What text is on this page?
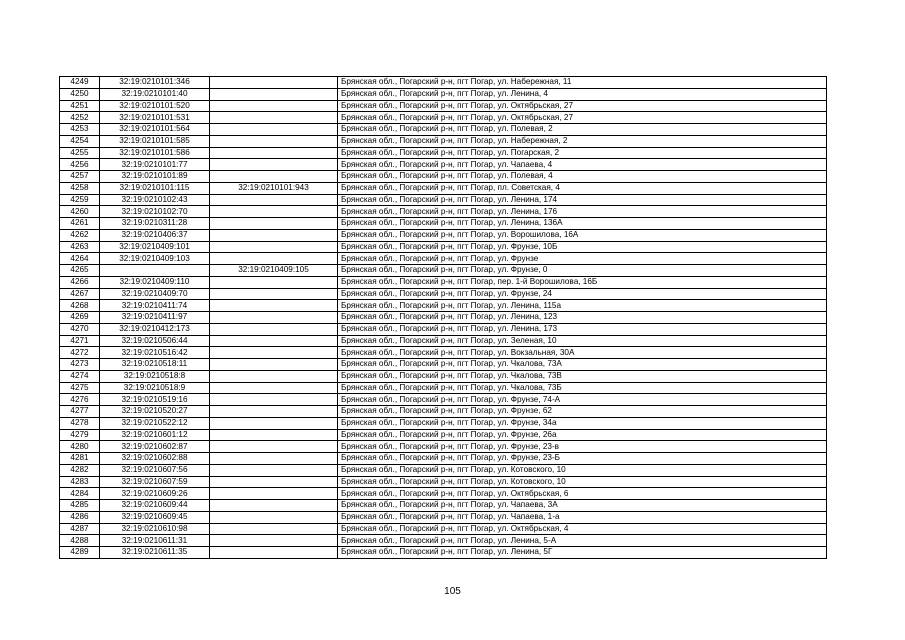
4249	32:19:0210101:346		Брянская обл., Погарский р-н, пгт Погар, ул. Набережная, 11
4250	32:19:0210101:40		Брянская обл., Погарский р-н, пгт Погар, ул. Ленина, 4
4251	32:19:0210101:520		Брянская обл., Погарский р-н, пгт Погар, ул. Октябрьская, 27
4252	32:19:0210101:531		Брянская обл., Погарский р-н, пгт Погар, ул. Октябрьская, 27
4253	32:19:0210101:564		Брянская обл., Погарский р-н, пгт Погар, ул. Полевая, 2
4254	32:19:0210101:585		Брянская обл., Погарский р-н, пгт Погар, ул. Набережная, 2
4255	32:19:0210101:586		Брянская обл., Погарский р-н, пгт Погар, ул. Погарская, 2
4256	32:19:0210101:77		Брянская обл., Погарский р-н, пгт Погар, ул. Чапаева, 4
4257	32:19:0210101:89		Брянская обл., Погарский р-н, пгт Погар, ул. Полевая, 4
4258	32:19:0210101:115	32:19:0210101:943	Брянская обл., Погарский р-н, пгт Погар, пл. Советская, 4
4259	32:19:0210102:43		Брянская обл., Погарский р-н, пгт Погар, ул. Ленина, 174
4260	32:19:0210102:70		Брянская обл., Погарский р-н, пгт Погар, ул. Ленина, 176
4261	32:19:0210311:28		Брянская обл., Погарский р-н, пгт Погар, ул. Ленина, 136А
4262	32:19:0210406:37		Брянская обл., Погарский р-н, пгт Погар, ул. Ворошилова, 16А
4263	32:19:0210409:101		Брянская обл., Погарский р-н, пгт Погар, ул. Фрунзе, 10Б
4264	32:19:0210409:103		Брянская обл., Погарский р-н, пгт Погар, ул. Фрунзе
4265		32:19:0210409:105	Брянская обл., Погарский р-н, пгт Погар, ул. Фрунзе, 0
4266	32:19:0210409:110		Брянская обл., Погарский р-н, пгт Погар, пер. 1-й Ворошилова, 16Б
4267	32:19:0210409:70		Брянская обл., Погарский р-н, пгт Погар, ул. Фрунзе, 24
4268	32:19:0210411:74		Брянская обл., Погарский р-н, пгт Погар, ул. Ленина, 115а
4269	32:19:0210411:97		Брянская обл., Погарский р-н, пгт Погар, ул. Ленина, 123
4270	32:19:0210412:173		Брянская обл., Погарский р-н, пгт Погар, ул. Ленина, 173
4271	32:19:0210506:44		Брянская обл., Погарский р-н, пгт Погар, ул. Зеленая, 10
4272	32:19:0210516:42		Брянская обл., Погарский р-н, пгт Погар, ул. Вокзальная, 30А
4273	32:19:0210518:11		Брянская обл., Погарский р-н, пгт Погар, ул. Чкалова, 73А
4274	32:19:0210518:8		Брянская обл., Погарский р-н, пгт Погар, ул. Чкалова, 73В
4275	32:19:0210518:9		Брянская обл., Погарский р-н, пгт Погар, ул. Чкалова, 73Б
4276	32:19:0210519:16		Брянская обл., Погарский р-н, пгт Погар, ул. Фрунзе, 74-А
4277	32:19:0210520:27		Брянская обл., Погарский р-н, пгт Погар, ул. Фрунзе, 62
4278	32:19:0210522:12		Брянская обл., Погарский р-н, пгт Погар, ул. Фрунзе, 34а
4279	32:19:0210601:12		Брянская обл., Погарский р-н, пгт Погар, ул. Фрунзе, 26а
4280	32:19:0210602:87		Брянская обл., Погарский р-н, пгт Погар, ул. Фрунзе, 23-в
4281	32:19:0210602:88		Брянская обл., Погарский р-н, пгт Погар, ул. Фрунзе, 23-Б
4282	32:19:0210607:56		Брянская обл., Погарский р-н, пгт Погар, ул. Котовского, 10
4283	32:19:0210607:59		Брянская обл., Погарский р-н, пгт Погар, ул. Котовского, 10
4284	32:19:0210609:26		Брянская обл., Погарский р-н, пгт Погар, ул. Октябрьская, 6
4285	32:19:0210609:44		Брянская обл., Погарский р-н, пгт Погар, ул. Чапаева, 3А
4286	32:19:0210609:45		Брянская обл., Погарский р-н, пгт Погар, ул. Чапаева, 1-а
4287	32:19:0210610:98		Брянская обл., Погарский р-н, пгт Погар, ул. Октябрьская, 4
4288	32:19:0210611:31		Брянская обл., Погарский р-н, пгт Погар, ул. Ленина, 5-А
4289	32:19:0210611:35		Брянская обл., Погарский р-н, пгт Погар, ул. Ленина, 5Г
105
